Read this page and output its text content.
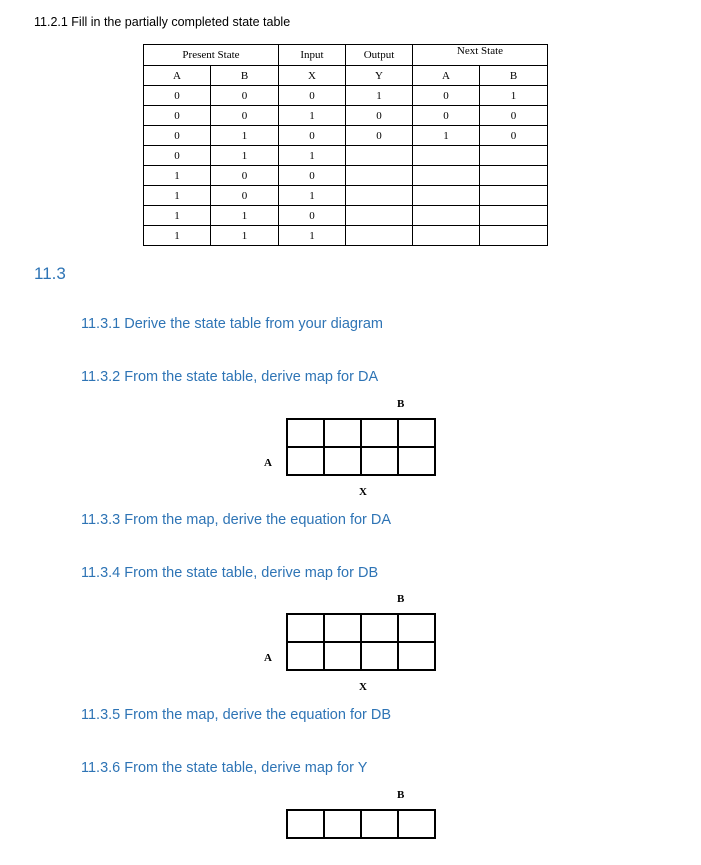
11.2.1 Fill in the partially completed state table
Present State		Input	Output	Next State	
A	B	X	Y	A	B
0	0	0	1	0	1
0	0	1	0	0	0
0	1	0	0	1	0
0	1	1			
1	0	0			
1	0	1			
1	1	0			
1	1	1			
11.3
11.3.1 Derive the state table from your diagram
11.3.2 From the state table, derive map for DA
B

A
X
11.3.3 From the map, derive the equation for DA
11.3.4 From the state table, derive map for DB
B

A
X
11.3.5 From the map, derive the equation for DB
11.3.6 From the state table, derive map for Y
B
